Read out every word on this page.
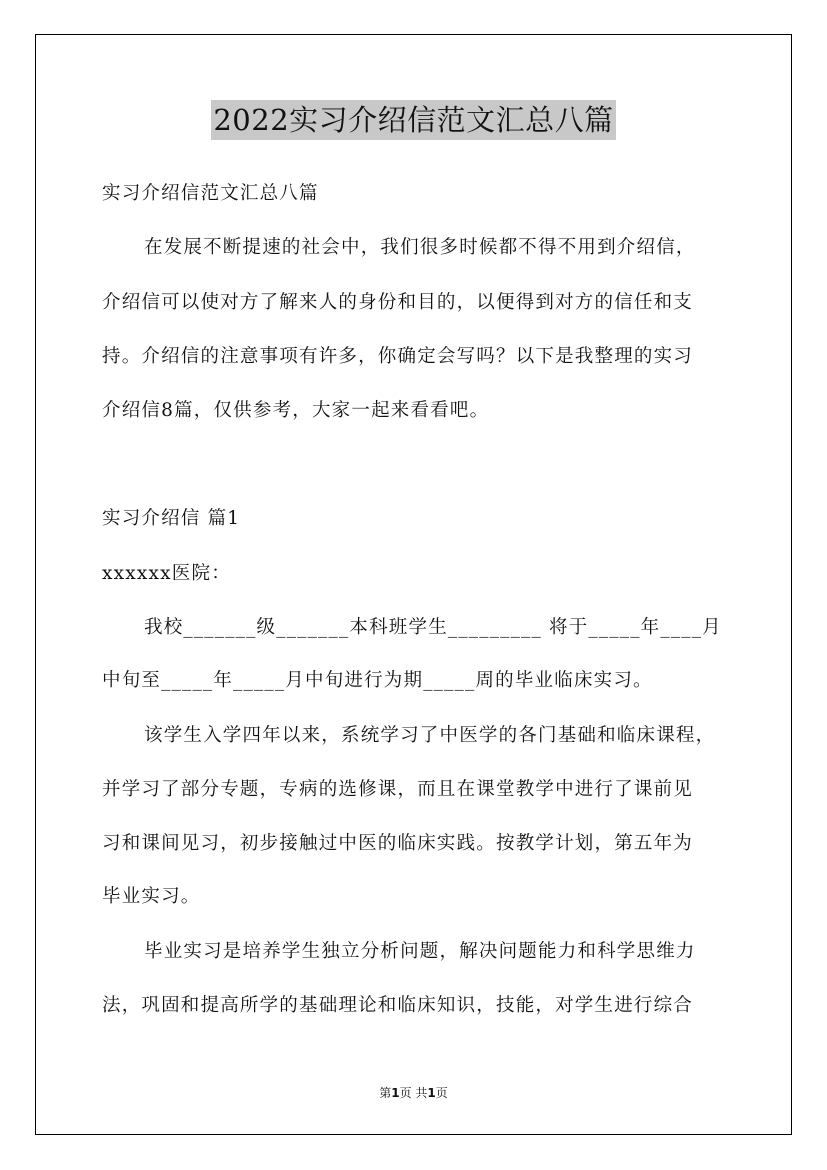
2022实习介绍信范文汇总八篇
实习介绍信范文汇总八篇
在发展不断提速的社会中，我们很多时候都不得不用到介绍信，
介绍信可以使对方了解来人的身份和目的，以便得到对方的信任和支
持。介绍信的注意事项有许多，你确定会写吗？以下是我整理的实习
介绍信8篇，仅供参考，大家一起来看看吧。
实习介绍信 篇1
xxxxxx医院：
我校_______级_______本科班学生_________ 将于_____年____月
中旬至_____年_____月中旬进行为期_____周的毕业临床实习。
该学生入学四年以来，系统学习了中医学的各门基础和临床课程，
并学习了部分专题，专病的选修课，而且在课堂教学中进行了课前见
习和课间见习，初步接触过中医的临床实践。按教学计划，第五年为
毕业实习。
毕业实习是培养学生独立分析问题，解决问题能力和科学思维力
法，巩固和提高所学的基础理论和临床知识，技能，对学生进行综合
第1页 共1页
